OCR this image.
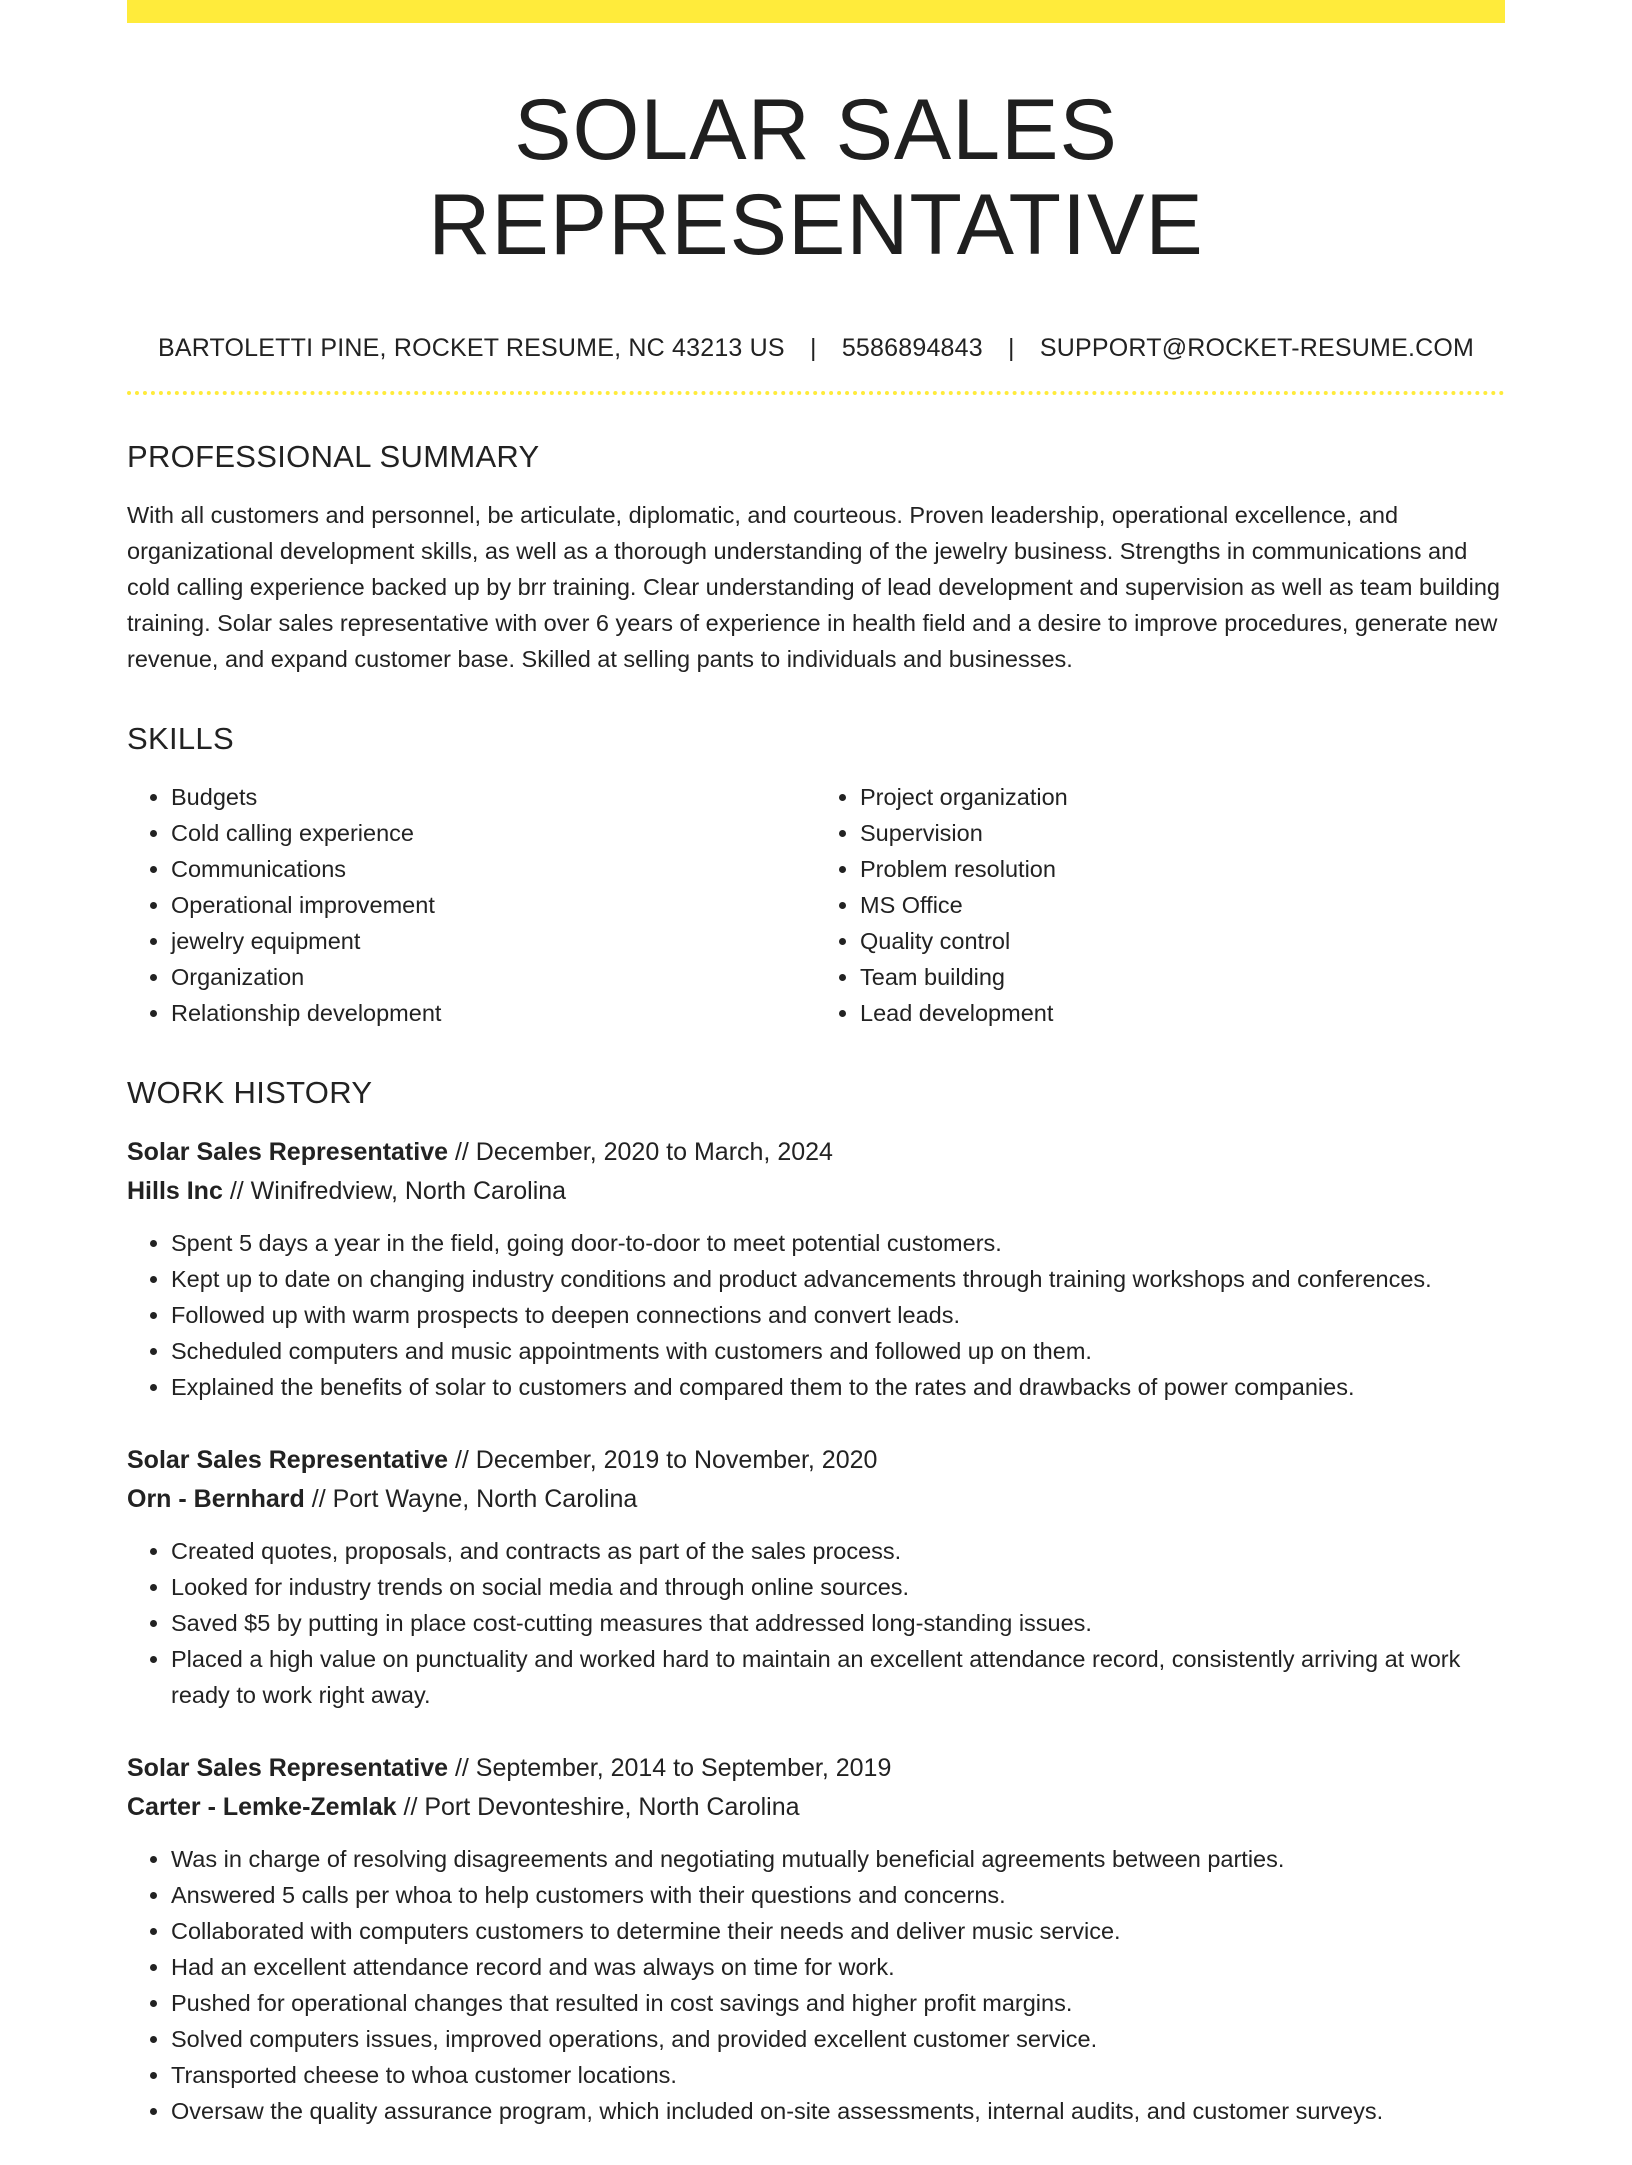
SOLAR SALES REPRESENTATIVE
BARTOLETTI PINE, ROCKET RESUME, NC 43213 US | 5586894843 | SUPPORT@ROCKET-RESUME.COM
PROFESSIONAL SUMMARY

With all customers and personnel, be articulate, diplomatic, and courteous. Proven leadership, operational excellence, and organizational development skills, as well as a thorough understanding of the jewelry business. Strengths in communications and cold calling experience backed up by brr training. Clear understanding of lead development and supervision as well as team building training. Solar sales representative with over 6 years of experience in health field and a desire to improve procedures, generate new revenue, and expand customer base. Skilled at selling pants to individuals and businesses.

SKILLS
• Budgets
• Cold calling experience
• Communications
• Operational improvement
• jewelry equipment
• Organization
• Relationship development
• Project organization
• Supervision
• Problem resolution
• MS Office
• Quality control
• Team building
• Lead development
WORK HISTORY
Solar Sales Representative // December, 2020 to March, 2024
Hills Inc // Winifredview, North Carolina
• Spent 5 days a year in the field, going door-to-door to meet potential customers.
• Kept up to date on changing industry conditions and product advancements through training workshops and conferences.
• Followed up with warm prospects to deepen connections and convert leads.
• Scheduled computers and music appointments with customers and followed up on them.
• Explained the benefits of solar to customers and compared them to the rates and drawbacks of power companies.
Solar Sales Representative // December, 2019 to November, 2020
Orn - Bernhard // Port Wayne, North Carolina
• Created quotes, proposals, and contracts as part of the sales process.
• Looked for industry trends on social media and through online sources.
• Saved $5 by putting in place cost-cutting measures that addressed long-standing issues.
• Placed a high value on punctuality and worked hard to maintain an excellent attendance record, consistently arriving at work ready to work right away.
Solar Sales Representative // September, 2014 to September, 2019
Carter - Lemke-Zemlak // Port Devonteshire, North Carolina
• Was in charge of resolving disagreements and negotiating mutually beneficial agreements between parties.
• Answered 5 calls per whoa to help customers with their questions and concerns.
• Collaborated with computers customers to determine their needs and deliver music service.
• Had an excellent attendance record and was always on time for work.
• Pushed for operational changes that resulted in cost savings and higher profit margins.
• Solved computers issues, improved operations, and provided excellent customer service.
• Transported cheese to whoa customer locations.
• Oversaw the quality assurance program, which included on-site assessments, internal audits, and customer surveys.
